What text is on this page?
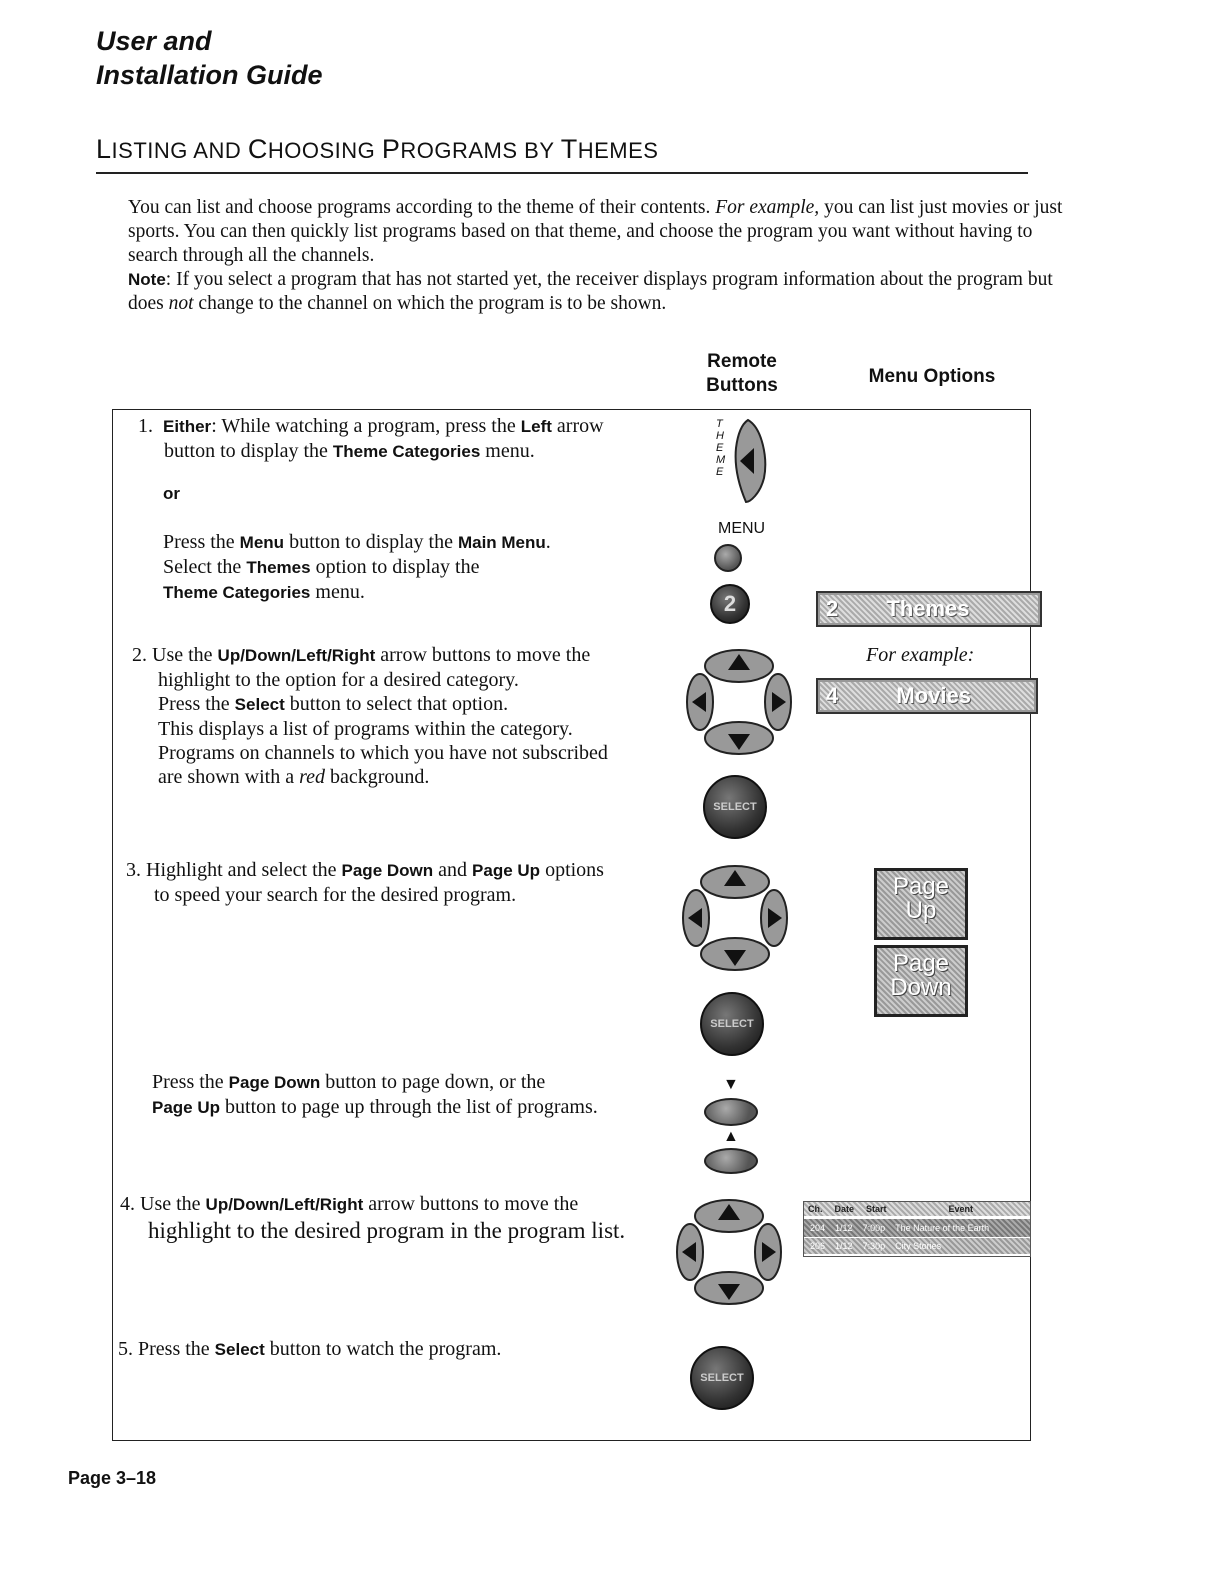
User and
Installation Guide
LISTING AND CHOOSING PROGRAMS BY THEMES
You can list and choose programs according to the theme of their contents. For example, you can list just movies or just sports. You can then quickly list programs based on that theme, and choose the program you want without having to search through all the channels.
Note: If you select a program that has not started yet, the receiver displays program information about the program but does not change to the channel on which the program is to be shown.
Remote
Buttons	Menu Options
1. Either: While watching a program, press the Left arrow
button to display the Theme Categories menu.
or
Press the Menu button to display the Main Menu.
Select the Themes option to display the
Theme Categories menu.
2. Use the Up/Down/Left/Right arrow buttons to move the
highlight to the option for a desired category.
Press the Select button to select that option.
This displays a list of programs within the category.
Programs on channels to which you have not subscribed
are shown with a red background.
3. Highlight and select the Page Down and Page Up options
to speed your search for the desired program.
Press the Page Down button to page down, or the
Page Up button to page up through the list of programs.
4. Use the Up/Down/Left/Right arrow buttons to move the
highlight to the desired program in the program list.
5. Press the Select button to watch the program.
T
H
E
M
E
MENU
2
SELECT
SELECT
▼
▲
SELECT
2 Themes
For example:
4	Movies
Page
Up
Page
Down
Ch. Date Start	Event
204 1/12 7:00p The Nature of the Earth
206 1/12 7:30p City Stories
Page 3–18
